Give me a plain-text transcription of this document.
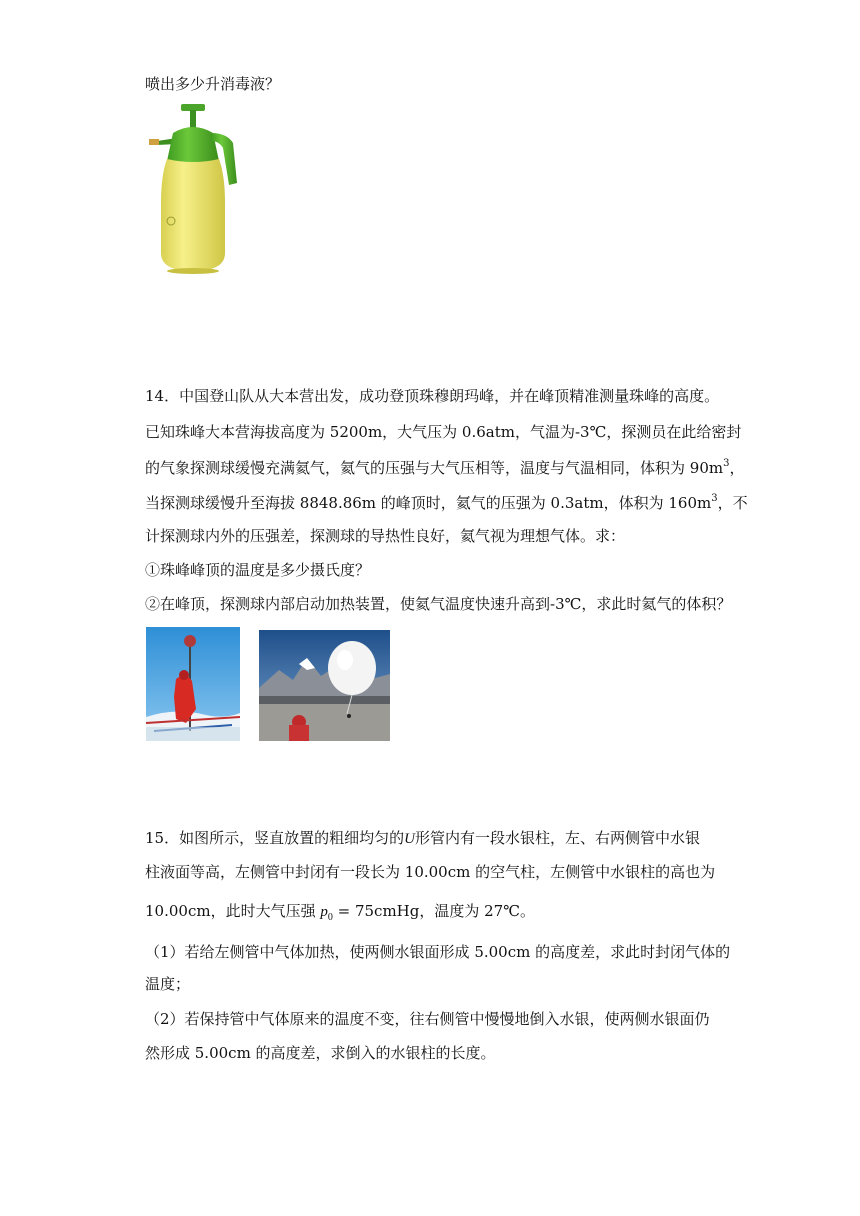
喷出多少升消毒液？
14．中国登山队从大本营出发，成功登顶珠穆朗玛峰，并在峰顶精准测量珠峰的高度。
已知珠峰大本营海拔高度为 5200m，大气压为 0.6atm，气温为-3℃，探测员在此给密封
的气象探测球缓慢充满氦气，氦气的压强与大气压相等，温度与气温相同，体积为 $90m^3$，
当探测球缓慢升至海拔 8848.86m 的峰顶时，氦气的压强为 0.3atm，体积为 $160m^3$，不
计探测球内外的压强差，探测球的导热性良好，氦气视为理想气体。求：
①珠峰峰顶的温度是多少摄氏度？
②在峰顶，探测球内部启动加热装置，使氦气温度快速升高到-3℃，求此时氦气的体积？
15．如图所示，竖直放置的粗细均匀的U形管内有一段水银柱，左、右两侧管中水银
柱液面等高，左侧管中封闭有一段长为 10.00cm 的空气柱，左侧管中水银柱的高也为
10.00cm，此时大气压强 $p_0$ = 75cmHg，温度为 27℃。
（1）若给左侧管中气体加热，使两侧水银面形成 5.00cm 的高度差，求此时封闭气体的
温度；
（2）若保持管中气体原来的温度不变，往右侧管中慢慢地倒入水银，使两侧水银面仍
然形成 5.00cm 的高度差，求倒入的水银柱的长度。
